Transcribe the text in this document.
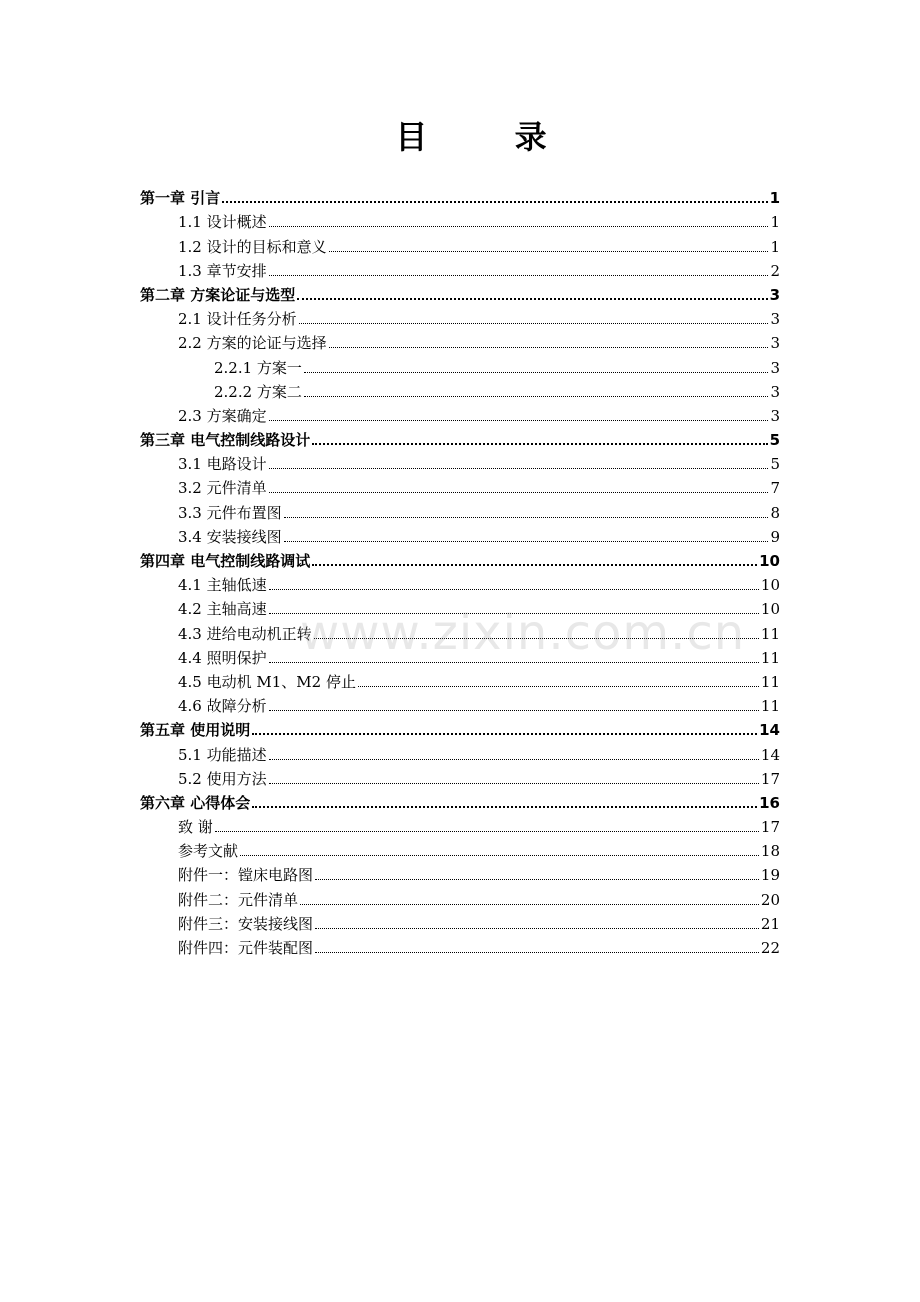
目 录
第一章 引言	1
1.1 设计概述	1
1.2 设计的目标和意义	1
1.3 章节安排	2
第二章 方案论证与选型	3
2.1 设计任务分析	3
2.2 方案的论证与选择	3
2.2.1 方案一	3
2.2.2 方案二	3
2.3 方案确定	3
第三章 电气控制线路设计	5
3.1 电路设计	5
3.2 元件清单	7
3.3 元件布置图	8
3.4 安装接线图	9
第四章 电气控制线路调试	10
4.1 主轴低速	10
4.2 主轴高速	10
4.3 进给电动机正转	11
4.4 照明保护	11
4.5 电动机 M1、M2 停止	11
4.6 故障分析	11
第五章 使用说明	14
5.1 功能描述	14
5.2 使用方法	17
第六章 心得体会	16
致 谢	17
参考文献	18
附件一：镗床电路图	19
附件二：元件清单	20
附件三：安装接线图	21
附件四：元件装配图	22
www.zixin.com.cn
